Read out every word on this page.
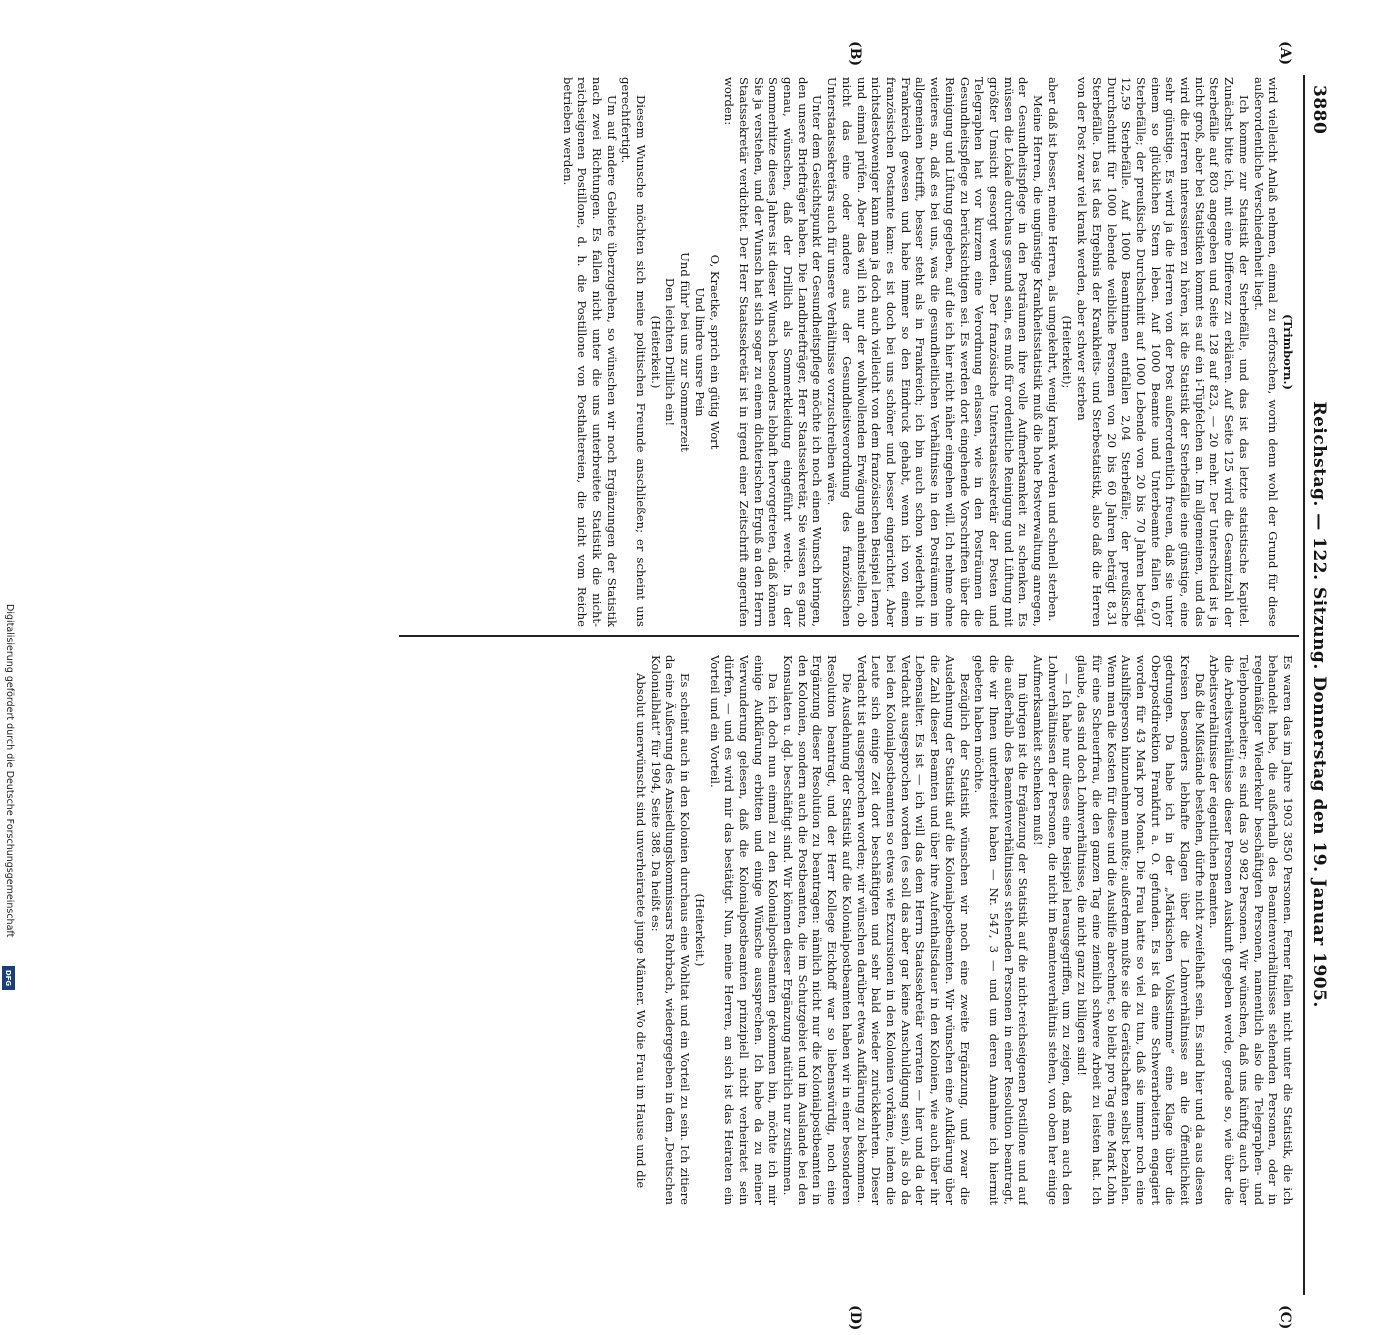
3880
Reichstag. — 122. Sitzung. Donnerstag den 19. Januar 1905.
(A)
(B)
(C)
(D)

(Trimborn.)

wird vielleicht Anlaß nehmen, einmal zu erforschen, worin denn wohl der Grund für diese außerordentliche Verschiedenheit liegt.

Ich komme zur Statistik der Sterbefälle, und das ist das letzte statistische Kapitel. Zunächst bitte ich, mit eine Differenz zu erklären. Auf Seite 125 wird die Gesamtzahl der Sterbefälle auf 803 angegeben und Seite 128 auf 823, — 20 mehr. Der Unterschied ist ja nicht groß, aber bei Statistiken kommt es auf ein i-Tüpfelchen an. Im allgemeinen, und das wird die Herren interessieren zu hören, ist die Statistik der Sterbefälle eine günstige, eine sehr günstige. Es wird ja die Herren von der Post außerordentlich freuen, daß sie unter einem so glücklichen Stern leben. Auf 1000 Beamte und Unterbeamte fallen 6,07 Sterbefälle; der preußische Durchschnitt auf 1000 Lebende von 20 bis 70 Jahren beträgt 12,59 Sterbefälle. Auf 1000 Beamtinnen entfallen 2,04 Sterbefälle; der preußische Durchschnitt für 1000 lebende weibliche Personen von 20 bis 60 Jahren beträgt 8,31 Sterbefälle. Das ist das Ergebnis der Krankheits- und Sterbestatistik, also daß die Herren von der Post zwar viel krank werden, aber schwer sterben

(Heiterkeit);

aber daß ist besser, meine Herren, als umgekehrt, wenig krank werden und schnell sterben.

Meine Herren, die ungünstige Krankheitsstatistik muß die hohe Postverwaltung anregen, der Gesundheitspflege in den Posträumen ihre volle Aufmerksamkeit zu schenken. Es müssen die Lokale durchaus gesund sein, es muß für ordentliche Reinigung und Lüftung mit größter Umsicht gesorgt werden. Der französische Unterstaatssekretär der Posten und Telegraphen hat vor kurzem eine Verordnung erlassen, wie in den Posträumen die Gesundheitspflege zu berücksichtigen sei. Es werden dort eingehende Vorschriften über die Reinigung und Lüftung gegeben, auf die ich hier nicht näher eingehen will. Ich nehme ohne weiteres an, daß es bei uns, was die gesundheitlichen Verhältnisse in den Posträumen im allgemeinen betrifft, besser steht als in Frankreich; ich bin auch schon wiederholt in Frankreich gewesen und habe immer so den Eindruck gehabt, wenn ich von einem französischen Postamte kam: es ist doch bei uns schöner und besser eingerichtet. Aber nichtsdestoweniger kann man ja doch auch vielleicht von dem französischen Beispiel lernen und einmal prüfen. Aber das will ich nur der wohlwollenden Erwägung anheimstellen, ob nicht das eine oder andere aus der Gesundheitsverordnung des französischen Unterstaatssekretärs auch für unsere Verhältnisse vorzuschreiben wäre.

Unter dem Gesichtspunkt der Gesundheitspflege möchte ich noch einen Wunsch bringen, den unsere Briefträger haben. Die Landbriefträger, Herr Staatssekretär, Sie wissen es ganz genau, wünschen, daß der Drillich als Sommerkleidung eingeführt werde. In der Sommerhitze dieses Jahres ist dieser Wunsch besonders lebhaft hervorgetreten, daß können Sie ja verstehen, und der Wunsch hat sich sogar zu einem dichterischen Erguß an den Herrn Staatssekretär verdichtet. Der Herr Staatssekretär ist in irgend einer Zeitschrift angerufen worden:

O, Kraetke, sprich ein gütig Wort

Und lindre unsre Pein

Und führ' bei uns zur Sommerzeit

Den leichten Drillich ein!

(Heiterkeit.)

Diesem Wunsche möchten sich meine politischen Freunde anschließen; er scheint uns gerechtfertigt.

Um auf andere Gebiete überzugehen, so wünschen wir noch Ergänzungen der Statistik nach zwei Richtungen. Es fallen nicht unter die uns unterbreitete Statistik die nicht-reichseigenen Postillone, d. h. die Postillone von Posthaltereien, die nicht vom Reiche betrieben werden.

Es waren das im Jahre 1903 3850 Personen. Ferner fallen nicht unter die Statistik, die ich behandelt habe, die außerhalb des Beamtenverhältnisses stehenden Personen, oder in regelmäßiger Wiederkehr beschäftigten Personen, namentlich also die Telegraphen- und Telephonarbeiter; es sind das 30 982 Personen. Wir wünschen, daß uns künftig auch über die Arbeitsverhältnisse dieser Personen Auskunft gegeben werde, gerade so, wie über die Arbeitsverhältnisse der eigentlichen Beamten.

Daß die Mißstände bestehen, dürfte nicht zweifelhaft sein. Es sind hier und da aus diesen Kreisen besonders lebhafte Klagen über die Lohnverhältnisse an die Öffentlichkeit gedrungen. Da habe ich in der „Märkischen Volksstimme“ eine Klage über die Oberpostdirektion Frankfurt a. O. gefunden. Es ist da eine Schwerarbeiterin engagiert worden für 43 Mark pro Monat. Die Frau hatte so viel zu tun, daß sie immer noch eine Aushilfsperson hinzunehmen mußte; außerdem mußte sie die Gerätschaften selbst bezahlen. Wenn man die Kosten für diese und die Aushilfe abrechnet, so bleibt pro Tag eine Mark Lohn für eine Scheuerfrau, die den ganzen Tag eine ziemlich schwere Arbeit zu leisten hat. Ich glaube, das sind doch Lohnverhältnisse, die nicht ganz zu billigen sind!

— Ich habe nur dieses eine Beispiel herausgegriffen, um zu zeigen, daß man auch den Lohnverhältnissen der Personen, die nicht im Beamtenverhältnis stehen, von oben her einige Aufmerksamkeit schenken muß!

Im übrigen ist die Ergänzung der Statistik auf die nicht-reichseigenen Postillone und auf die außerhalb des Beamtenverhältnisses stehenden Personen in einer Resolution beantragt, die wir Ihnen unterbreitet haben — Nr. 547, 3 — und um deren Annahme ich hiermit gebeten haben möchte.

Bezüglich der Statistik wünschen wir noch eine zweite Ergänzung, und zwar die Ausdehnung der Statistik auf die Kolonialpostbeamten. Wir wünschen eine Aufklärung über die Zahl dieser Beamten und über ihre Aufenthaltsdauer in den Kolonien, wie auch über ihr Lebensalter. Es ist — ich will das dem Herrn Staatssekretär verraten — hier und da der Verdacht ausgesprochen worden (es soll das aber gar keine Anschuldigung sein), als ob da bei den Kolonialpostbeamten so etwas wie Exzursionen in den Kolonien vorkäme, indem die Leute sich einige Zeit dort beschäftigten und sehr bald wieder zurückkehrten. Dieser Verdacht ist ausgesprochen worden; wir wünschen darüber etwas Aufklärung zu bekommen.

Die Ausdehnung der Statistik auf die Kolonialpostbeamten haben wir in einer besonderen Resolution beantragt, und der Herr Kollege Eickhoff war so liebenswürdig, noch eine Ergänzung dieser Resolution zu beantragen: nämlich nicht nur die Kolonialpostbeamten in den Kolonien, sondern auch die Postbeamten, die im Schutzgebiet und im Auslande bei den Konsulaten u. dgl. beschäftigt sind. Wir können dieser Ergänzung natürlich nur zustimmen.

Da ich doch nun einmal zu den Kolonialpostbeamten gekommen bin, möchte ich mir einige Aufklärung erbitten und einige Wünsche aussprechen. Ich habe da zu meiner Verwunderung gelesen, daß die Kolonialpostbeamten prinzipiell nicht verheiratet sein dürfen, — und es wird mir das bestätigt. Nun, meine Herren, an sich ist das Heiraten ein Vorteil und ein Vorteil.

(Heiterkeit.)

Es scheint auch in den Kolonien durchaus eine Wohltat und ein Vorteil zu sein. Ich zitiere da eine Äußerung des Ansiedlungskommissars Rohrbach, wiedergegeben in dem „Deutschen Kolonialblatt“ für 1904, Seite 388. Da heißt es:

Absolut unerwünscht sind unverheiratete junge Männer. Wo die Frau im Hause und die

Digitalisierung gefördert durch die Deutsche Forschungsgemeinschaft
DFG
